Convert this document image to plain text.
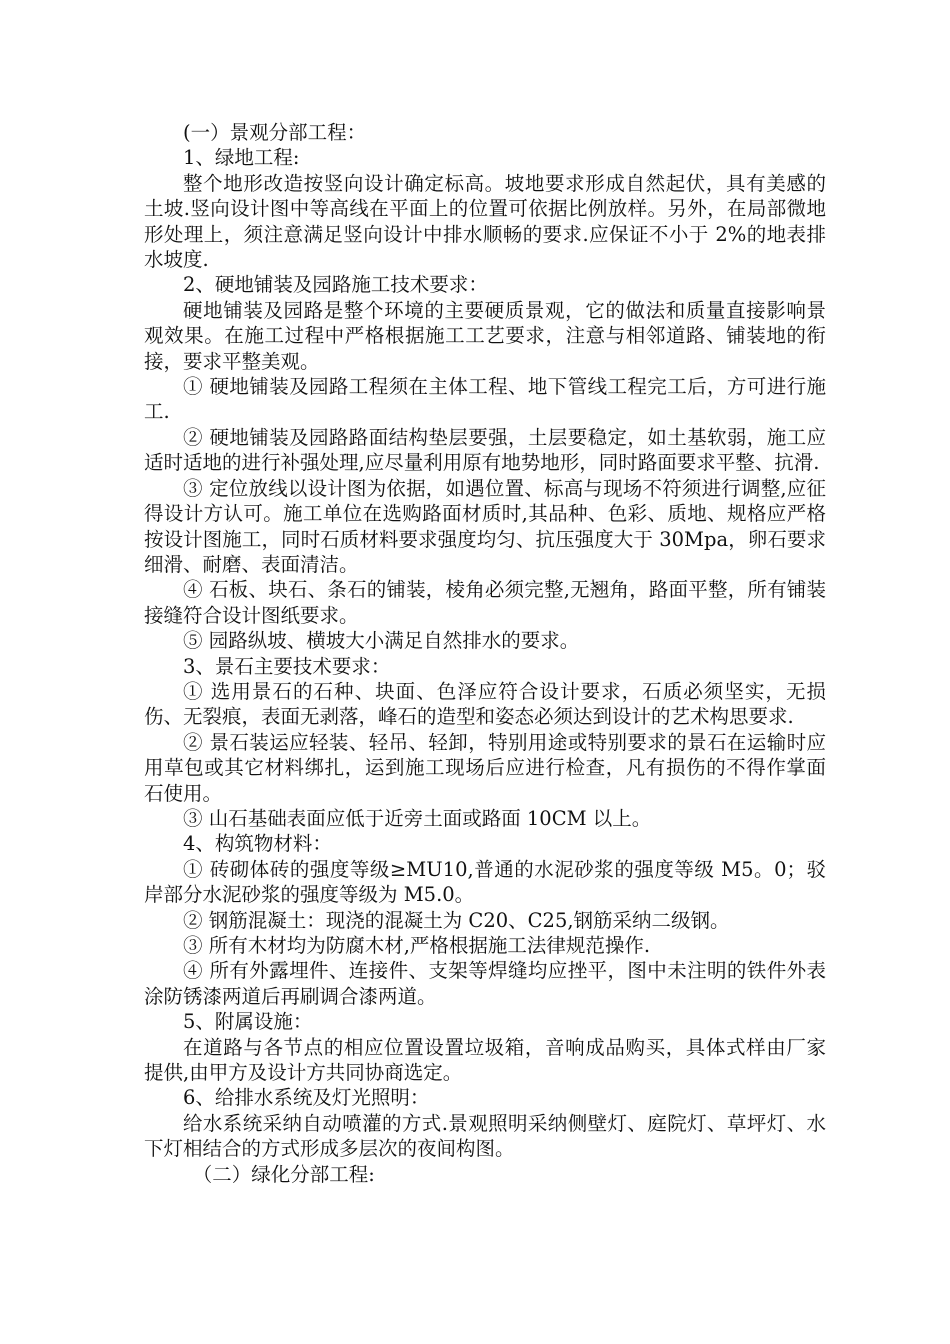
(一）景观分部工程：

1、绿地工程:

整个地形改造按竖向设计确定标高。坡地要求形成自然起伏，具有美感的土坡.竖向设计图中等高线在平面上的位置可依据比例放样。另外，在局部微地形处理上，须注意满足竖向设计中排水顺畅的要求.应保证不小于 2%的地表排水坡度.

2、硬地铺装及园路施工技术要求：

硬地铺装及园路是整个环境的主要硬质景观，它的做法和质量直接影响景观效果。在施工过程中严格根据施工工艺要求，注意与相邻道路、铺装地的衔接，要求平整美观。

① 硬地铺装及园路工程须在主体工程、地下管线工程完工后，方可进行施工.

② 硬地铺装及园路路面结构垫层要强，土层要稳定，如土基软弱，施工应适时适地的进行补强处理,应尽量利用原有地势地形，同时路面要求平整、抗滑.

③ 定位放线以设计图为依据，如遇位置、标高与现场不符须进行调整,应征得设计方认可。施工单位在选购路面材质时,其品种、色彩、质地、规格应严格按设计图施工，同时石质材料要求强度均匀、抗压强度大于 30Mpa，卵石要求细滑、耐磨、表面清洁。

④ 石板、块石、条石的铺装，棱角必须完整,无翘角，路面平整，所有铺装接缝符合设计图纸要求。

⑤ 园路纵坡、横坡大小满足自然排水的要求。

3、景石主要技术要求：

① 选用景石的石种、块面、色泽应符合设计要求，石质必须坚实，无损伤、无裂痕，表面无剥落，峰石的造型和姿态必须达到设计的艺术构思要求.

② 景石装运应轻装、轻吊、轻卸，特别用途或特别要求的景石在运输时应用草包或其它材料绑扎，运到施工现场后应进行检查，凡有损伤的不得作掌面石使用。

③ 山石基础表面应低于近旁土面或路面 10CM 以上。

4、构筑物材料：

① 砖砌体砖的强度等级≥MU10,普通的水泥砂浆的强度等级 M5。0；驳岸部分水泥砂浆的强度等级为 M5.0。

② 钢筋混凝土：现浇的混凝土为 C20、C25,钢筋采纳二级钢。

③ 所有木材均为防腐木材,严格根据施工法律规范操作.

④ 所有外露埋件、连接件、支架等焊缝均应挫平，图中未注明的铁件外表涂防锈漆两道后再刷调合漆两道。

5、附属设施：

在道路与各节点的相应位置设置垃圾箱，音响成品购买，具体式样由厂家提供,由甲方及设计方共同协商选定。

6、给排水系统及灯光照明：

给水系统采纳自动喷灌的方式.景观照明采纳侧壁灯、庭院灯、草坪灯、水下灯相结合的方式形成多层次的夜间构图。

（二）绿化分部工程:
